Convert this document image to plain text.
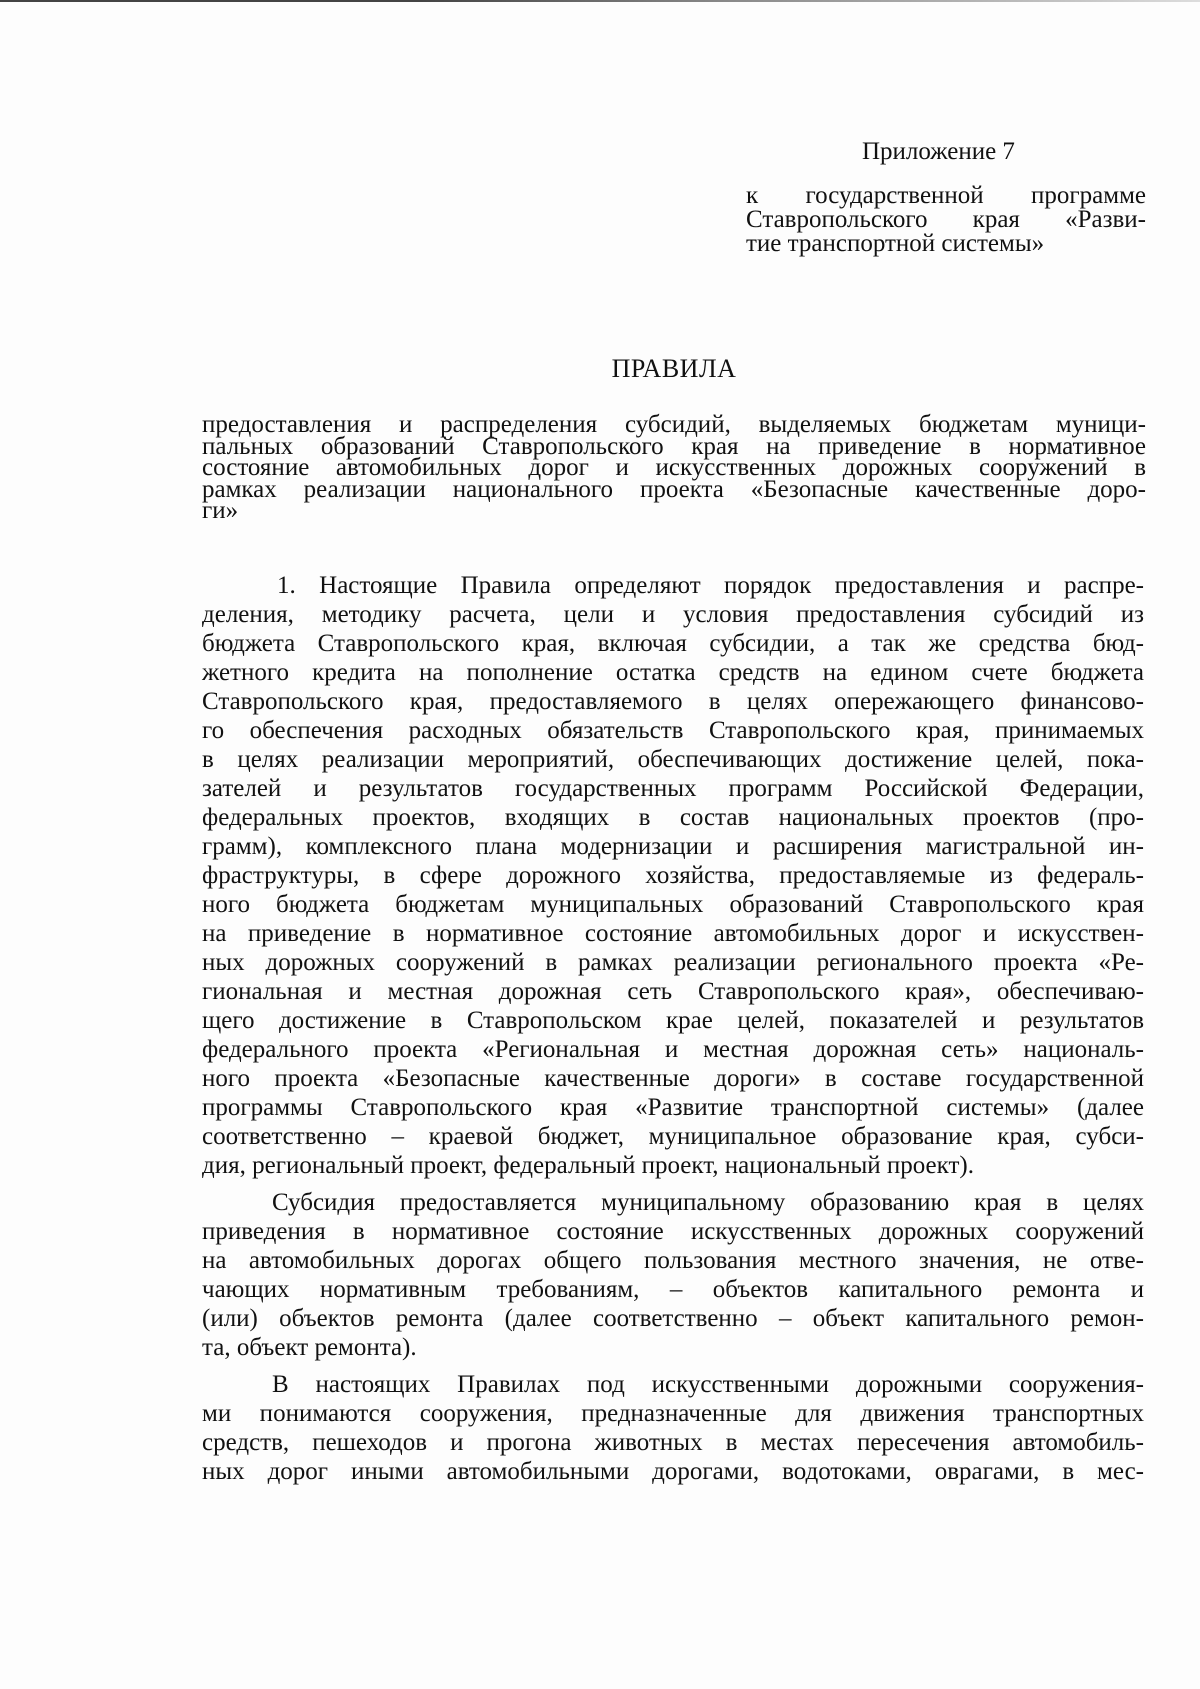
Приложение 7
к государственной программе
Ставропольского края «Разви-
тие транспортной системы»
ПРАВИЛА
предоставления и распределения субсидий, выделяемых бюджетам муници-
пальных образований Ставропольского края на приведение в нормативное
состояние автомобильных дорог и искусственных дорожных сооружений в
рамках реализации национального проекта «Безопасные качественные доро-
ги»
1. Настоящие Правила определяют порядок предоставления и распре-
деления, методику расчета, цели и условия предоставления субсидий из
бюджета Ставропольского края, включая субсидии, а так же средства бюд-
жетного кредита на пополнение остатка средств на едином счете бюджета
Ставропольского края, предоставляемого в целях опережающего финансово-
го обеспечения расходных обязательств Ставропольского края, принимаемых
в целях реализации мероприятий, обеспечивающих достижение целей, пока-
зателей и результатов государственных программ Российской Федерации,
федеральных проектов, входящих в состав национальных проектов (про-
грамм), комплексного плана модернизации и расширения магистральной ин-
фраструктуры, в сфере дорожного хозяйства, предоставляемые из федераль-
ного бюджета бюджетам муниципальных образований Ставропольского края
на приведение в нормативное состояние автомобильных дорог и искусствен-
ных дорожных сооружений в рамках реализации регионального проекта «Ре-
гиональная и местная дорожная сеть Ставропольского края», обеспечиваю-
щего достижение в Ставропольском крае целей, показателей и результатов
федерального проекта «Региональная и местная дорожная сеть» националь-
ного проекта «Безопасные качественные дороги» в составе государственной
программы Ставропольского края «Развитие транспортной системы» (далее
соответственно – краевой бюджет, муниципальное образование края, субси-
дия, региональный проект, федеральный проект, национальный проект).
Субсидия предоставляется муниципальному образованию края в целях
приведения в нормативное состояние искусственных дорожных сооружений
на автомобильных дорогах общего пользования местного значения, не отве-
чающих нормативным требованиям, – объектов капитального ремонта и
(или) объектов ремонта (далее соответственно – объект капитального ремон-
та, объект ремонта).
В настоящих Правилах под искусственными дорожными сооружения-
ми понимаются сооружения, предназначенные для движения транспортных
средств, пешеходов и прогона животных в местах пересечения автомобиль-
ных дорог иными автомобильными дорогами, водотоками, оврагами, в мес-
